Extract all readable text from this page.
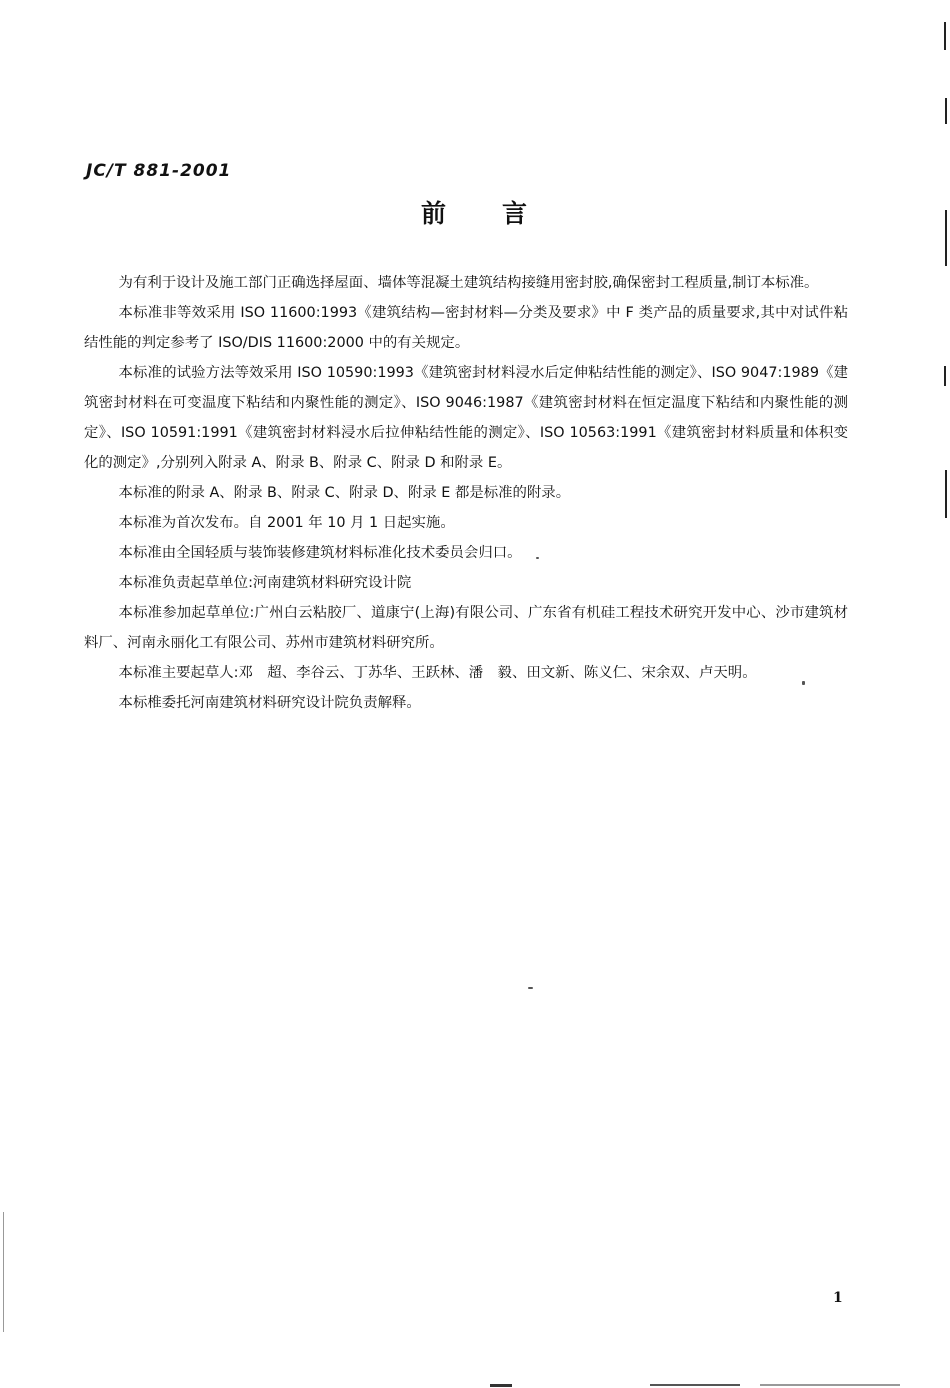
JC/T 881-2001
前 言

为有利于设计及施工部门正确选择屋面、墙体等混凝土建筑结构接缝用密封胶,确保密封工程质量,制订本标准。

本标准非等效采用 ISO 11600:1993《建筑结构—密封材料—分类及要求》中 F 类产品的质量要求,其中对试件粘结性能的判定参考了 ISO/DIS 11600:2000 中的有关规定。

本标准的试验方法等效采用 ISO 10590:1993《建筑密封材料浸水后定伸粘结性能的测定》、ISO 9047:1989《建筑密封材料在可变温度下粘结和内聚性能的测定》、ISO 9046:1987《建筑密封材料在恒定温度下粘结和内聚性能的测定》、ISO 10591:1991《建筑密封材料浸水后拉伸粘结性能的测定》、ISO 10563:1991《建筑密封材料质量和体积变化的测定》,分别列入附录 A、附录 B、附录 C、附录 D 和附录 E。

本标准的附录 A、附录 B、附录 C、附录 D、附录 E 都是标准的附录。

本标准为首次发布。自 2001 年 10 月 1 日起实施。

本标准由全国轻质与装饰装修建筑材料标准化技术委员会归口。

本标准负责起草单位:河南建筑材料研究设计院

本标准参加起草单位:广州白云粘胶厂、道康宁(上海)有限公司、广东省有机硅工程技术研究开发中心、沙市建筑材料厂、河南永丽化工有限公司、苏州市建筑材料研究所。

本标准主要起草人:邓　超、李谷云、丁苏华、王跃林、潘　毅、田文新、陈义仁、宋余双、卢天明。

本标椎委托河南建筑材料研究设计院负责解释。

1
